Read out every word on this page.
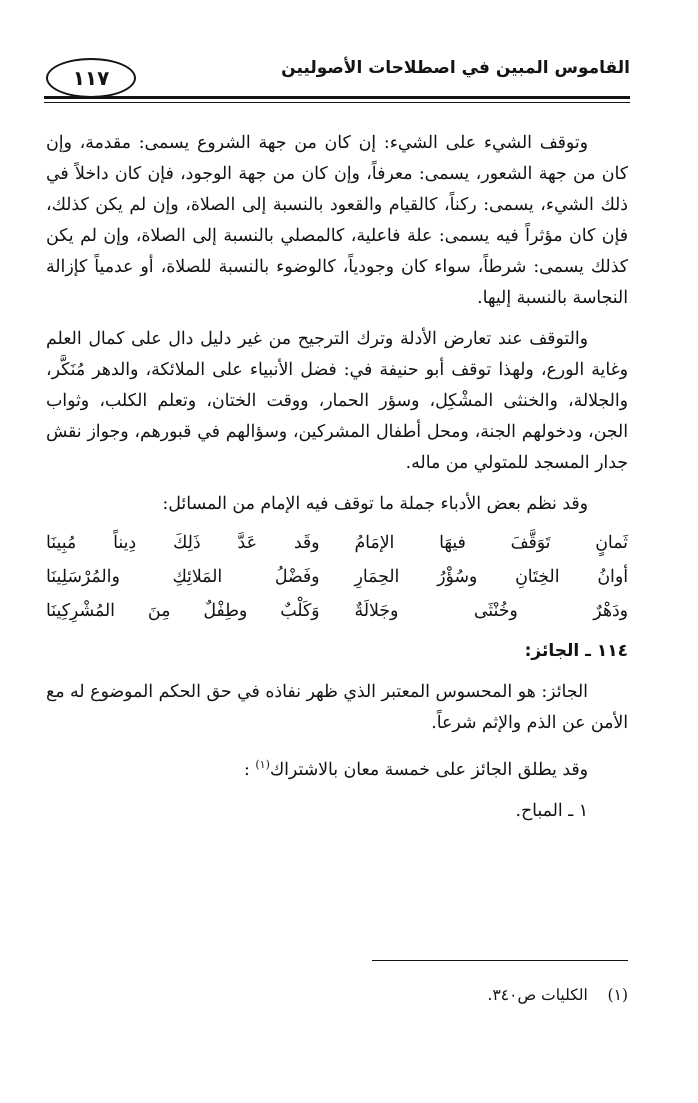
١١٧	القاموس المبين في اصطلاحات الأصوليين

وتوقف الشيء على الشيء: إن كان من جهة الشروع يسمى: مقدمة، وإن كان من جهة الشعور، يسمى: معرفاً، وإن كان من جهة الوجود، فإن كان داخلاً في ذلك الشيء، يسمى: ركناً، كالقيام والقعود بالنسبة إلى الصلاة، وإن لم يكن كذلك، فإن كان مؤثراً فيه يسمى: علة فاعلية، كالمصلي بالنسبة إلى الصلاة، وإن لم يكن كذلك يسمى: شرطاً، سواء كان وجودياً، كالوضوء بالنسبة للصلاة، أو عدمياً كإزالة النجاسة بالنسبة إليها.

والتوقف عند تعارض الأدلة وترك الترجيح من غير دليل دال على كمال العلم وغاية الورع، ولهذا توقف أبو حنيفة في: فضل الأنبياء على الملائكة، والدهر مُنَكَّر، والجلالة، والخنثى المشْكِل، وسؤر الحمار، ووقت الختان، وتعلم الكلب، وثواب الجن، ودخولهم الجنة، ومحل أطفال المشركين، وسؤالهم في قبورهم، وجواز نقش جدار المسجد للمتولي من ماله.

وقد نظم بعض الأدباء جملة ما توقف فيه الإمام من المسائل:

ثَمانٍ تَوَقَّفَ فيهَا الإمَامُ
وقَد عَدَّ ذَلِكَ دِيناً مُبِينَا
أوانُ الخِتَانِ وسُؤْرُ الحِمَارِ
وفَضْلُ المَلائِكِ والمُرْسَلِينَا
ودَهْرٌ وخُنْثَى وجَلالَةٌ
وَكَلْبٌ وطِفْلٌ مِنَ المُشْرِكِينَا

١١٤ ـ الجائز:

الجائز: هو المحسوس المعتبر الذي ظهر نفاذه في حق الحكم الموضوع له مع الأمن عن الذم والإثم شرعاً.

وقد يطلق الجائز على خمسة معان بالاشتراك$^{(١)}$ :

١ ـ المباح.

(١)    الكليات ص٣٤٠.
